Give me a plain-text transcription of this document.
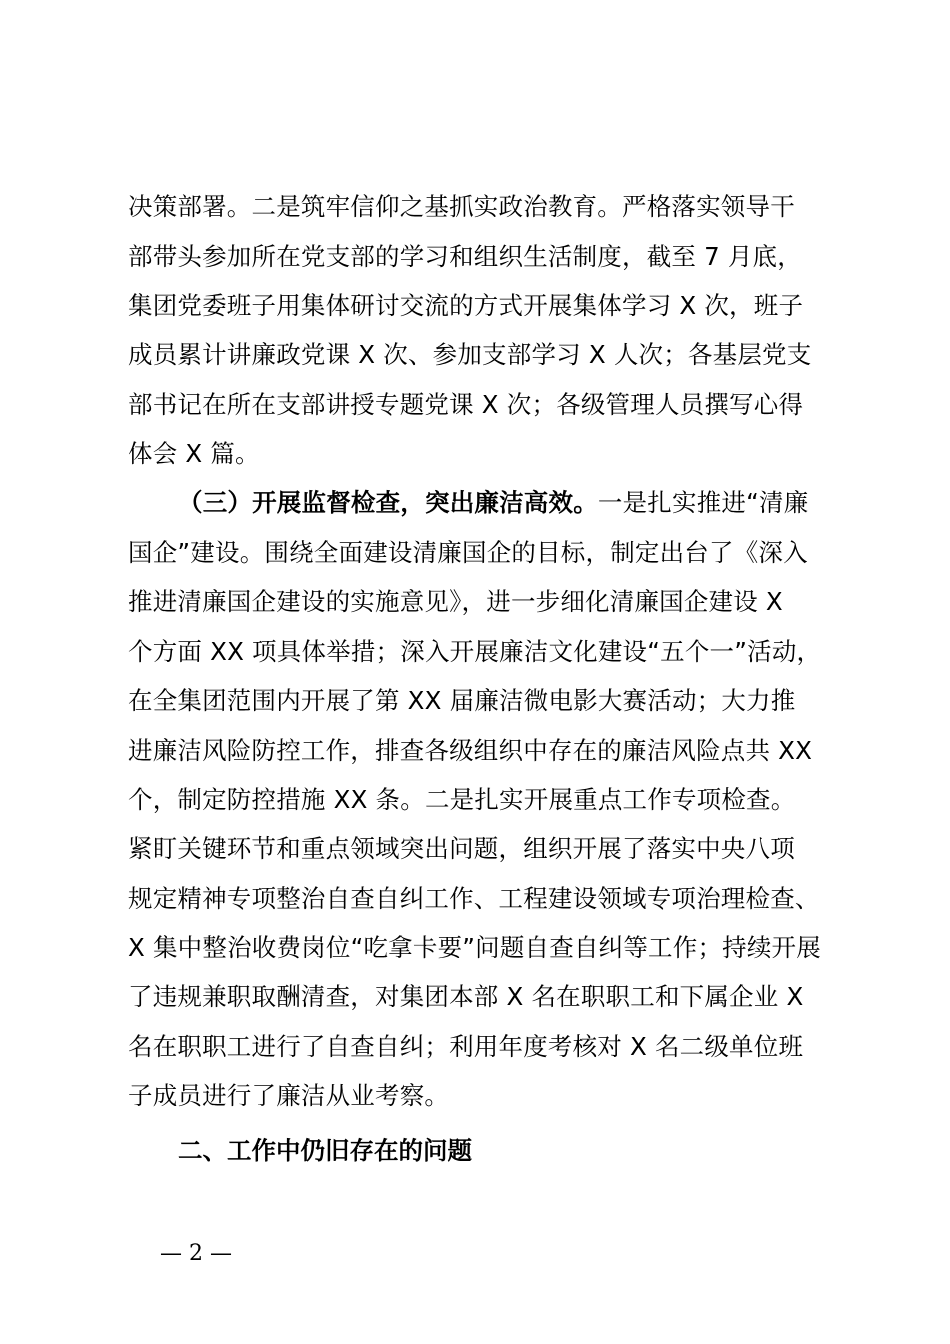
决策部署。二是筑牢信仰之基抓实政治教育。严格落实领导干
部带头参加所在党支部的学习和组织生活制度，截至 7 月底，
集团党委班子用集体研讨交流的方式开展集体学习 X 次，班子
成员累计讲廉政党课 X 次、参加支部学习 X 人次；各基层党支
部书记在所在支部讲授专题党课 X 次；各级管理人员撰写心得
体会 X 篇。
（三）开展监督检查，突出廉洁高效。一是扎实推进“清廉
国企”建设。围绕全面建设清廉国企的目标，制定出台了《深入
推进清廉国企建设的实施意见》，进一步细化清廉国企建设 X
个方面 XX 项具体举措；深入开展廉洁文化建设“五个一”活动，
在全集团范围内开展了第 XX 届廉洁微电影大赛活动；大力推
进廉洁风险防控工作，排查各级组织中存在的廉洁风险点共 XX
个，制定防控措施 XX 条。二是扎实开展重点工作专项检查。
紧盯关键环节和重点领域突出问题，组织开展了落实中央八项
规定精神专项整治自查自纠工作、工程建设领域专项治理检查、
X 集中整治收费岗位“吃拿卡要”问题自查自纠等工作；持续开展
了违规兼职取酬清查，对集团本部 X 名在职职工和下属企业 X
名在职职工进行了自查自纠；利用年度考核对 X 名二级单位班
子成员进行了廉洁从业考察。
二、工作中仍旧存在的问题
— 2 —
